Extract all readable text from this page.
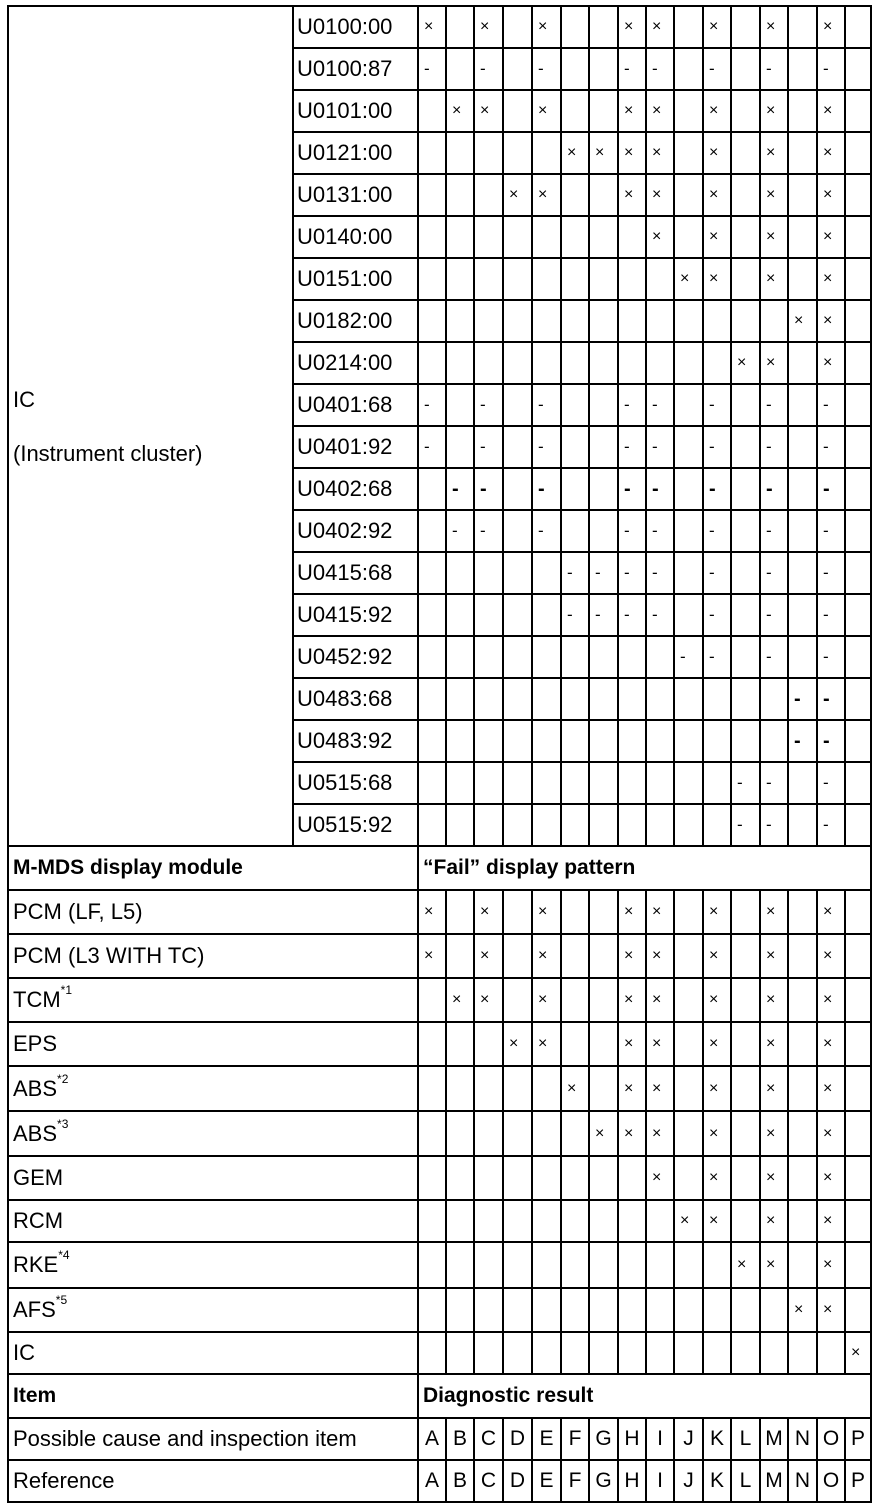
IC
(Instrument cluster)	U0100:00	×		×		×			×	×		×		×		×	
	U0100:87	-		-		-			-	-		-		-		-	
	U0101:00		×	×		×			×	×		×		×		×	
	U0121:00						×	×	×	×		×		×		×	
	U0131:00				×	×			×	×		×		×		×	
	U0140:00									×		×		×		×	
	U0151:00										×	×		×		×	
	U0182:00														×	×	
	U0214:00												×	×		×	
	U0401:68	-		-		-			-	-		-		-		-	
	U0401:92	-		-		-			-	-		-		-		-	
	U0402:68		-	-		-			-	-		-		-		-	
	U0402:92		-	-		-			-	-		-		-		-	
	U0415:68						-	-	-	-		-		-		-	
	U0415:92						-	-	-	-		-		-		-	
	U0452:92										-	-		-		-	
	U0483:68														-	-	
	U0483:92														-	-	
	U0515:68												-	-		-	
	U0515:92												-	-		-	
M-MDS display module		“Fail” display pattern															
PCM (LF, L5)		×		×		×			×	×		×		×		×	
PCM (L3 WITH TC)		×		×		×			×	×		×		×		×	
TCM$^{*1}$			×	×		×			×	×		×		×		×	
EPS					×	×			×	×		×		×		×	
ABS$^{*2}$							×		×	×		×		×		×	
ABS$^{*3}$								×	×	×		×		×		×	
GEM										×		×		×		×	
RCM											×	×		×		×	
RKE$^{*4}$													×	×		×	
AFS$^{*5}$															×	×	
IC																	×
Item		Diagnostic result															
Possible cause and inspection item		A	B	C	D	E	F	G	H	I	J	K	L	M	N	O	P
Reference		A	B	C	D	E	F	G	H	I	J	K	L	M	N	O	P
